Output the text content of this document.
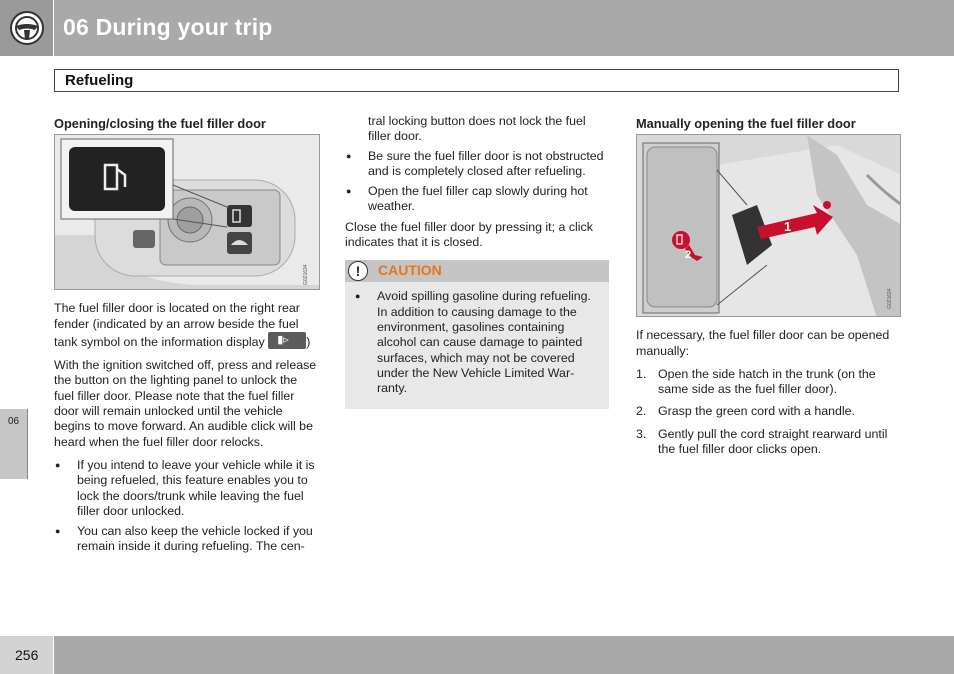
06 During your trip
Refueling
Opening/closing the fuel filler door
G021634

The fuel filler door is located on the right rear fender (indicated by an arrow beside the fuel tank symbol on the information display ▮▹ )

With the ignition switched off, press and release the button on the lighting panel to unlock the fuel filler door. Please note that the fuel filler door will remain unlocked until the vehicle begins to move forward. An audible click will be heard when the fuel filler door relocks.

● If you intend to leave your vehicle while it is being refueled, this feature enables you to lock the doors/trunk while leaving the fuel filler door unlocked.
● You can also keep the vehicle locked if you remain inside it during refueling. The cen-

tral locking button does not lock the fuel filler door.

● Be sure the fuel filler door is not obstructed and is completely closed after refueling.
● Open the fuel filler cap slowly during hot weather.

Close the fuel filler door by pressing it; a click indicates that it is closed.

!	CAUTION
● Avoid spilling gasoline during refueling. In addition to causing damage to the environment, gasolines containing alcohol can cause damage to painted surfaces, which may not be covered under the New Vehicle Limited War-ranty.
Manually opening the fuel filler door
1
2
G021624

If necessary, the fuel filler door can be opened manually:

1. Open the side hatch in the trunk (on the same side as the fuel filler door).
2. Grasp the green cord with a handle.
3. Gently pull the cord straight rearward until the fuel filler door clicks open.
06
256
